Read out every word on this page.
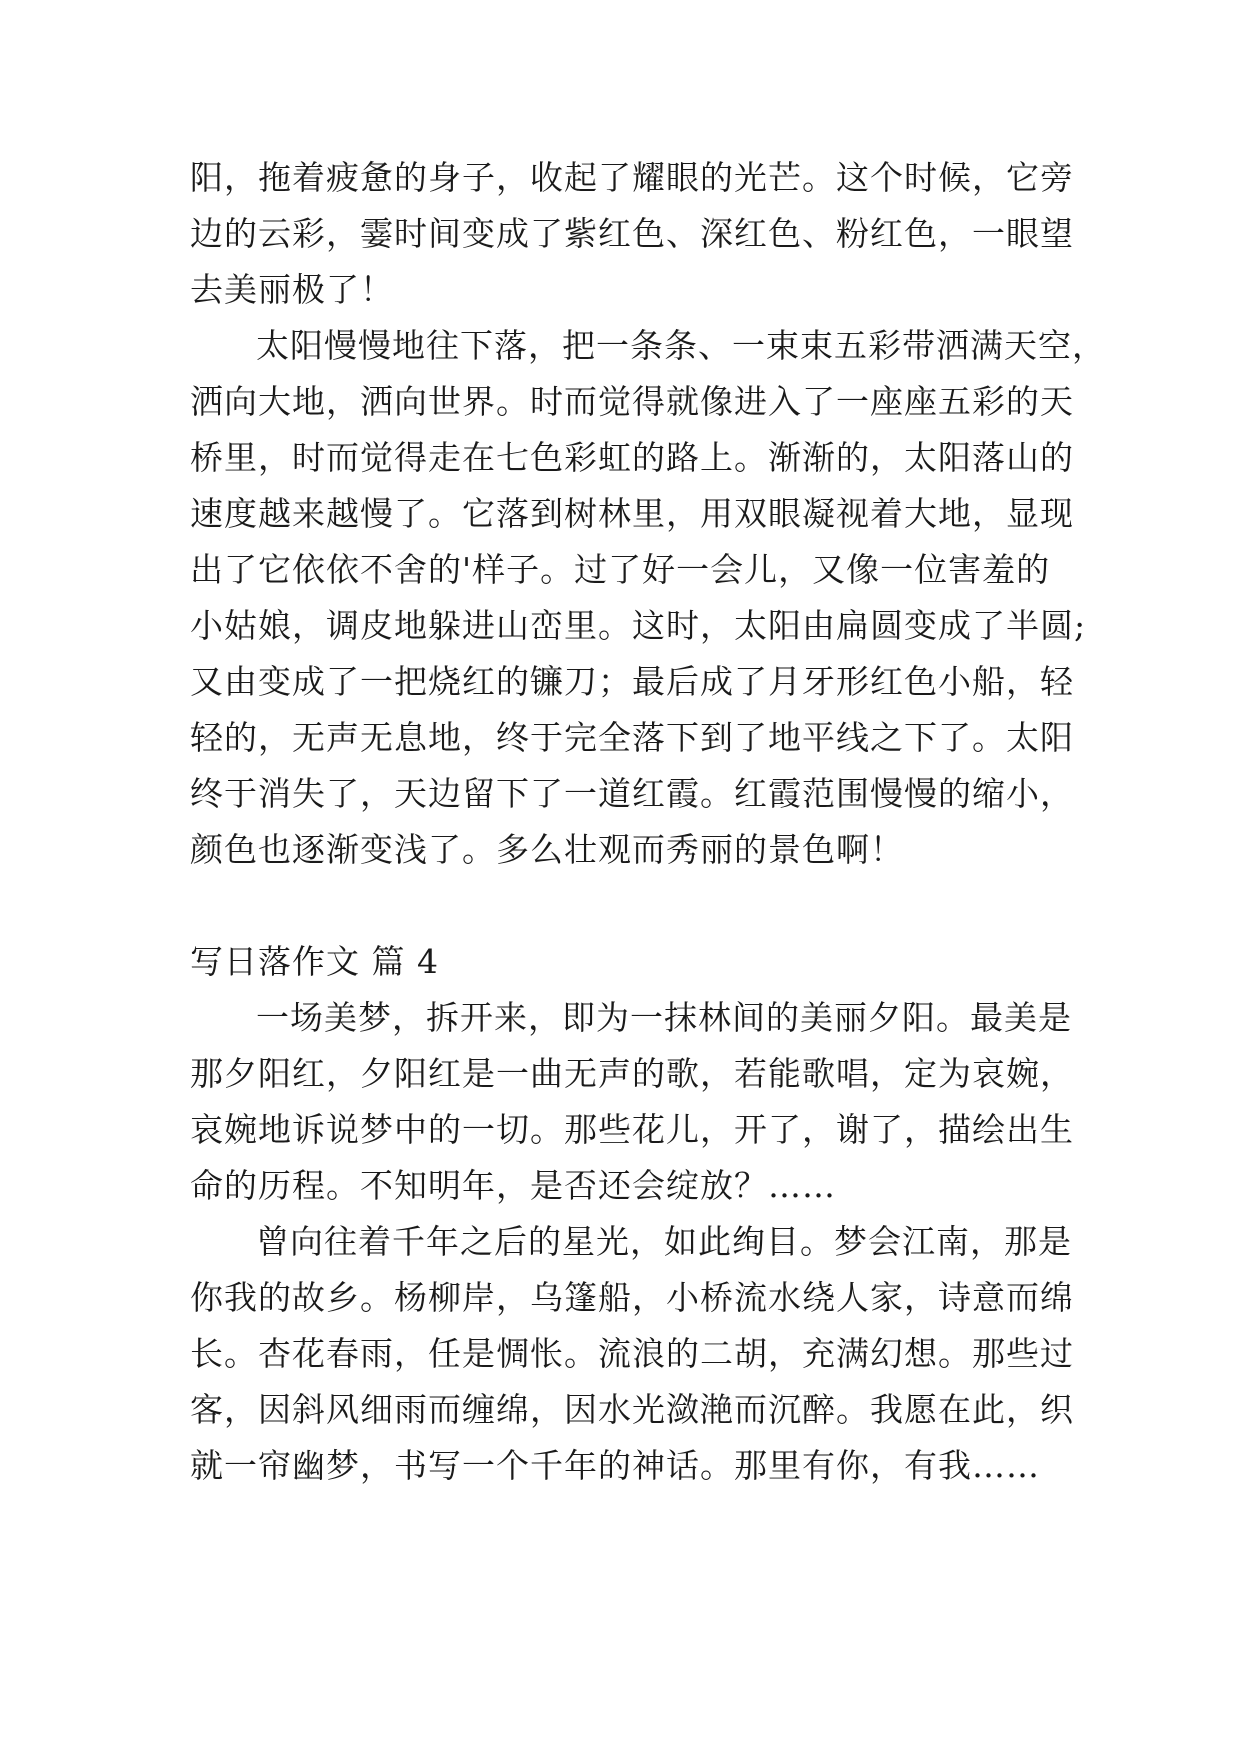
阳，拖着疲惫的身子，收起了耀眼的光芒。这个时候，它旁
边的云彩，霎时间变成了紫红色、深红色、粉红色，一眼望
去美丽极了！
太阳慢慢地往下落，把一条条、一束束五彩带洒满天空，
洒向大地，洒向世界。时而觉得就像进入了一座座五彩的天
桥里，时而觉得走在七色彩虹的路上。渐渐的，太阳落山的
速度越来越慢了。它落到树林里，用双眼凝视着大地，显现
出了它依依不舍的'样子。过了好一会儿，又像一位害羞的
小姑娘，调皮地躲进山峦里。这时，太阳由扁圆变成了半圆;
又由变成了一把烧红的镰刀；最后成了月牙形红色小船，轻
轻的，无声无息地，终于完全落下到了地平线之下了。太阳
终于消失了，天边留下了一道红霞。红霞范围慢慢的缩小，
颜色也逐渐变浅了。多么壮观而秀丽的景色啊！
写日落作文 篇 4
一场美梦，拆开来，即为一抹林间的美丽夕阳。最美是
那夕阳红，夕阳红是一曲无声的歌，若能歌唱，定为哀婉，
哀婉地诉说梦中的一切。那些花儿，开了，谢了，描绘出生
命的历程。不知明年，是否还会绽放？……
曾向往着千年之后的星光，如此绚目。梦会江南，那是
你我的故乡。杨柳岸，乌篷船，小桥流水绕人家，诗意而绵
长。杏花春雨，任是惆怅。流浪的二胡，充满幻想。那些过
客，因斜风细雨而缠绵，因水光潋滟而沉醉。我愿在此，织
就一帘幽梦，书写一个千年的神话。那里有你，有我……
